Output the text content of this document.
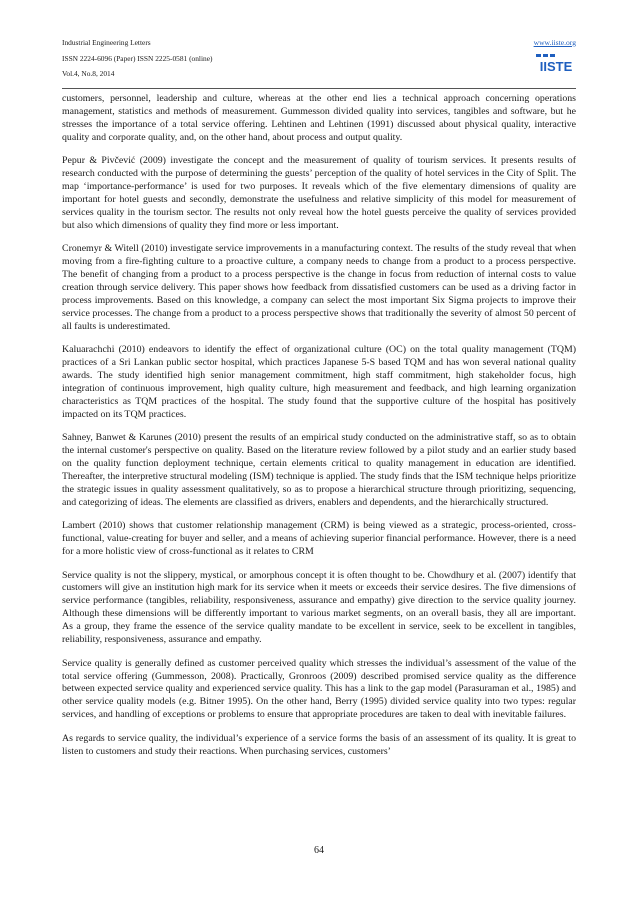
Industrial Engineering Letters
ISSN 2224-6096 (Paper) ISSN 2225-0581 (online)
Vol.4, No.8, 2014
www.iiste.org
IISTE

customers, personnel, leadership and culture, whereas at the other end lies a technical approach concerning operations management, statistics and methods of measurement. Gummesson divided quality into services, tangibles and software, but he stresses the importance of a total service offering. Lehtinen and Lehtinen (1991) discussed about physical quality, interactive quality and corporate quality, and, on the other hand, about process and output quality.

Pepur & Pivčević (2009) investigate the concept and the measurement of quality of tourism services. It presents results of research conducted with the purpose of determining the guests’ perception of the quality of hotel services in the City of Split. The map ‘importance-performance’ is used for two purposes. It reveals which of the five elementary dimensions of quality are important for hotel guests and secondly, demonstrate the usefulness and relative simplicity of this model for measurement of services quality in the tourism sector. The results not only reveal how the hotel guests perceive the quality of services provided but also which dimensions of quality they find more or less important.

Cronemyr & Witell (2010) investigate service improvements in a manufacturing context. The results of the study reveal that when moving from a fire-fighting culture to a proactive culture, a company needs to change from a product to a process perspective. The benefit of changing from a product to a process perspective is the change in focus from reduction of internal costs to value creation through service delivery. This paper shows how feedback from dissatisfied customers can be used as a driving factor in process improvements. Based on this knowledge, a company can select the most important Six Sigma projects to improve their service processes. The change from a product to a process perspective shows that traditionally the severity of almost 50 percent of all faults is underestimated.

Kaluarachchi (2010) endeavors to identify the effect of organizational culture (OC) on the total quality management (TQM) practices of a Sri Lankan public sector hospital, which practices Japanese 5-S based TQM and has won several national quality awards. The study identified high senior management commitment, high staff commitment, high stakeholder focus, high integration of continuous improvement, high quality culture, high measurement and feedback, and high learning organization characteristics as TQM practices of the hospital. The study found that the supportive culture of the hospital has positively impacted on its TQM practices.

Sahney, Banwet & Karunes (2010) present the results of an empirical study conducted on the administrative staff, so as to obtain the internal customer's perspective on quality. Based on the literature review followed by a pilot study and an earlier study based on the quality function deployment technique, certain elements critical to quality management in education are identified. Thereafter, the interpretive structural modeling (ISM) technique is applied. The study finds that the ISM technique helps prioritize the strategic issues in quality assessment qualitatively, so as to propose a hierarchical structure through prioritizing, sequencing, and categorizing of ideas. The elements are classified as drivers, enablers and dependents, and the hierarchically structured.

Lambert (2010) shows that customer relationship management (CRM) is being viewed as a strategic, process-oriented, cross-functional, value-creating for buyer and seller, and a means of achieving superior financial performance. However, there is a need for a more holistic view of cross-functional as it relates to CRM

Service quality is not the slippery, mystical, or amorphous concept it is often thought to be. Chowdhury et al. (2007) identify that customers will give an institution high mark for its service when it meets or exceeds their service desires. The five dimensions of service performance (tangibles, reliability, responsiveness, assurance and empathy) give direction to the service quality journey. Although these dimensions will be differently important to various market segments, on an overall basis, they all are important. As a group, they frame the essence of the service quality mandate to be excellent in service, seek to be excellent in tangibles, reliability, responsiveness, assurance and empathy.

Service quality is generally defined as customer perceived quality which stresses the individual’s assessment of the value of the total service offering (Gummesson, 2008). Practically, Gronroos (2009) described promised service quality as the difference between expected service quality and experienced service quality. This has a link to the gap model (Parasuraman et al., 1985) and other service quality models (e.g. Bitner 1995). On the other hand, Berry (1995) divided service quality into two types: regular services, and handling of exceptions or problems to ensure that appropriate procedures are taken to deal with inevitable failures.

As regards to service quality, the individual’s experience of a service forms the basis of an assessment of its quality. It is great to listen to customers and study their reactions. When purchasing services, customers’

64
